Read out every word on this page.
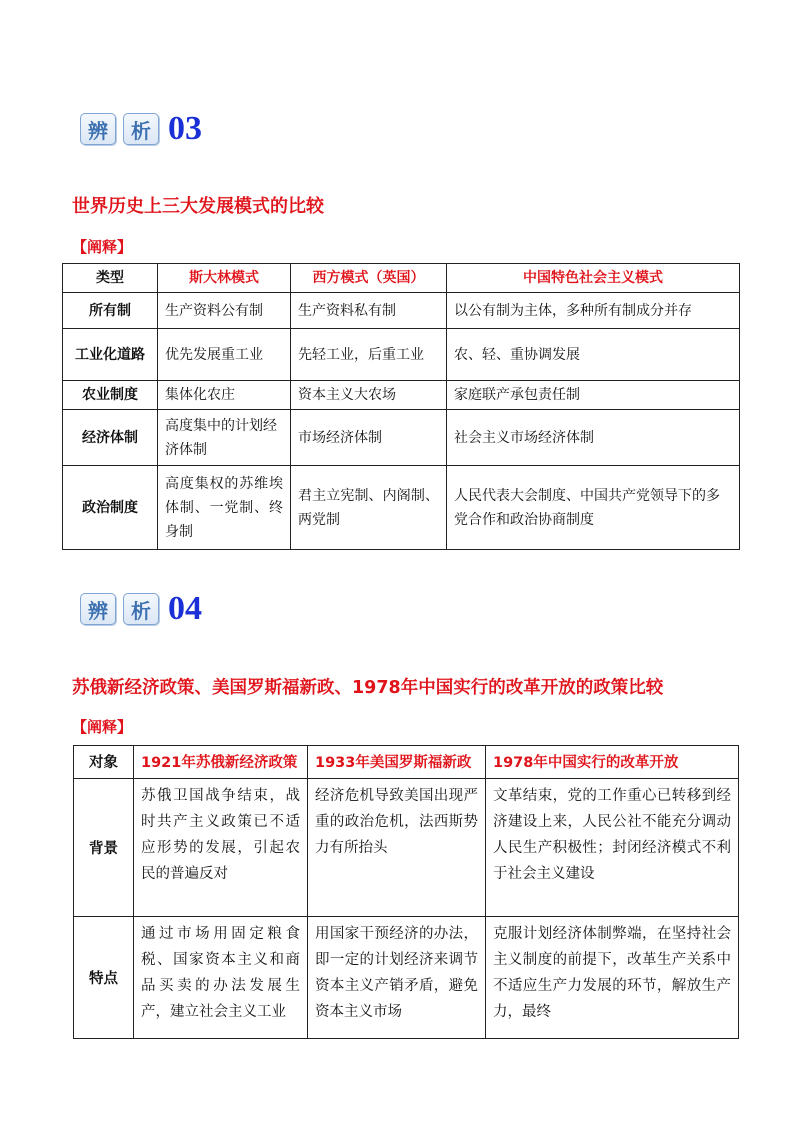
辨	析 03
世界历史上三大发展模式的比较
【阐释】
类型	斯大林模式	西方模式（英国）	中国特色社会主义模式
所有制	生产资料公有制	生产资料私有制	以公有制为主体，多种所有制成分并存
工业化道路	优先发展重工业	先轻工业，后重工业	农、轻、重协调发展
农业制度	集体化农庄	资本主义大农场	家庭联产承包责任制
经济体制	高度集中的计划经济体制	市场经济体制	社会主义市场经济体制
政治制度	高度集权的苏维埃体制、一党制、终身制	君主立宪制、内阁制、两党制	人民代表大会制度、中国共产党领导下的多党合作和政治协商制度
辨	析 04
苏俄新经济政策、美国罗斯福新政、1978年中国实行的改革开放的政策比较
【阐释】
对象	1921年苏俄新经济政策	1933年美国罗斯福新政	1978年中国实行的改革开放
背景	苏俄卫国战争结束，战时共产主义政策已不适应形势的发展，引起农民的普遍反对	经济危机导致美国出现严重的政治危机，法西斯势力有所抬头	文革结束，党的工作重心已转移到经济建设上来，人民公社不能充分调动人民生产积极性；封闭经济模式不利于社会主义建设
特点	通过市场用固定粮食税、国家资本主义和商品买卖的办法发展生产，建立社会主义工业	用国家干预经济的办法，即一定的计划经济来调节资本主义产销矛盾，避免资本主义市场	克服计划经济体制弊端，在坚持社会主义制度的前提下，改革生产关系中不适应生产力发展的环节，解放生产力，最终
